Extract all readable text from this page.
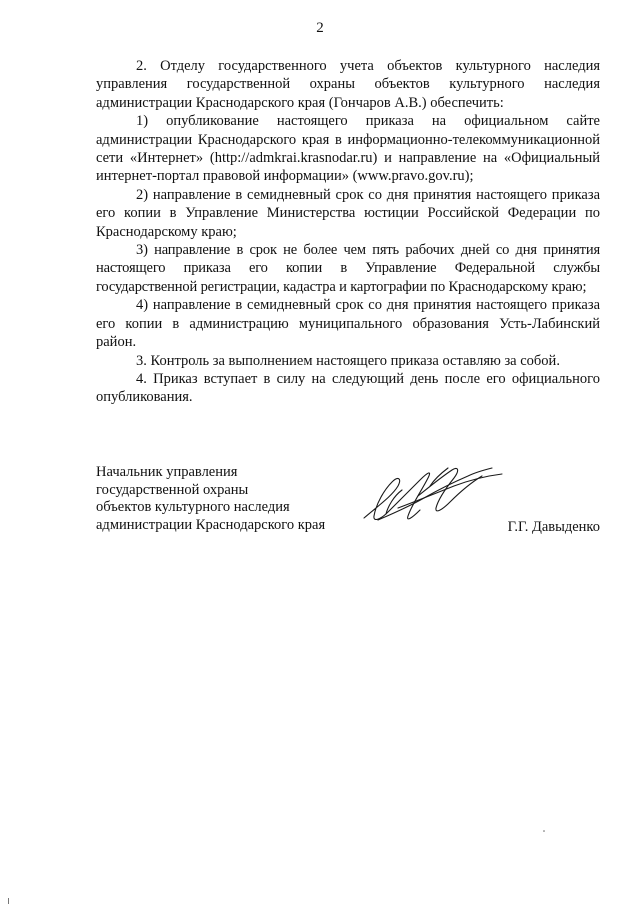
2

2. Отделу государственного учета объектов культурного наследия управления государственной охраны объектов культурного наследия администрации Краснодарского края (Гончаров А.В.) обеспечить:

1) опубликование настоящего приказа на официальном сайте администрации Краснодарского края в информационно-телекоммуникационной сети «Интернет» (http://admkrai.krasnodar.ru) и направление на «Официальный интернет-портал правовой информации» (www.pravo.gov.ru);

2) направление в семидневный срок со дня принятия настоящего приказа его копии в Управление Министерства юстиции Российской Федерации по Краснодарскому краю;

3) направление в срок не более чем пять рабочих дней со дня принятия настоящего приказа его копии в Управление Федеральной службы государственной регистрации, кадастра и картографии по Краснодарскому краю;

4) направление в семидневный срок со дня принятия настоящего приказа его копии в администрацию муниципального образования Усть-Лабинский район.

3. Контроль за выполнением настоящего приказа оставляю за собой.

4. Приказ вступает в силу на следующий день после его официального опубликования.

Начальник управления
государственной охраны
объектов культурного наследия
администрации Краснодарского края	Г.Г. Давыденко
